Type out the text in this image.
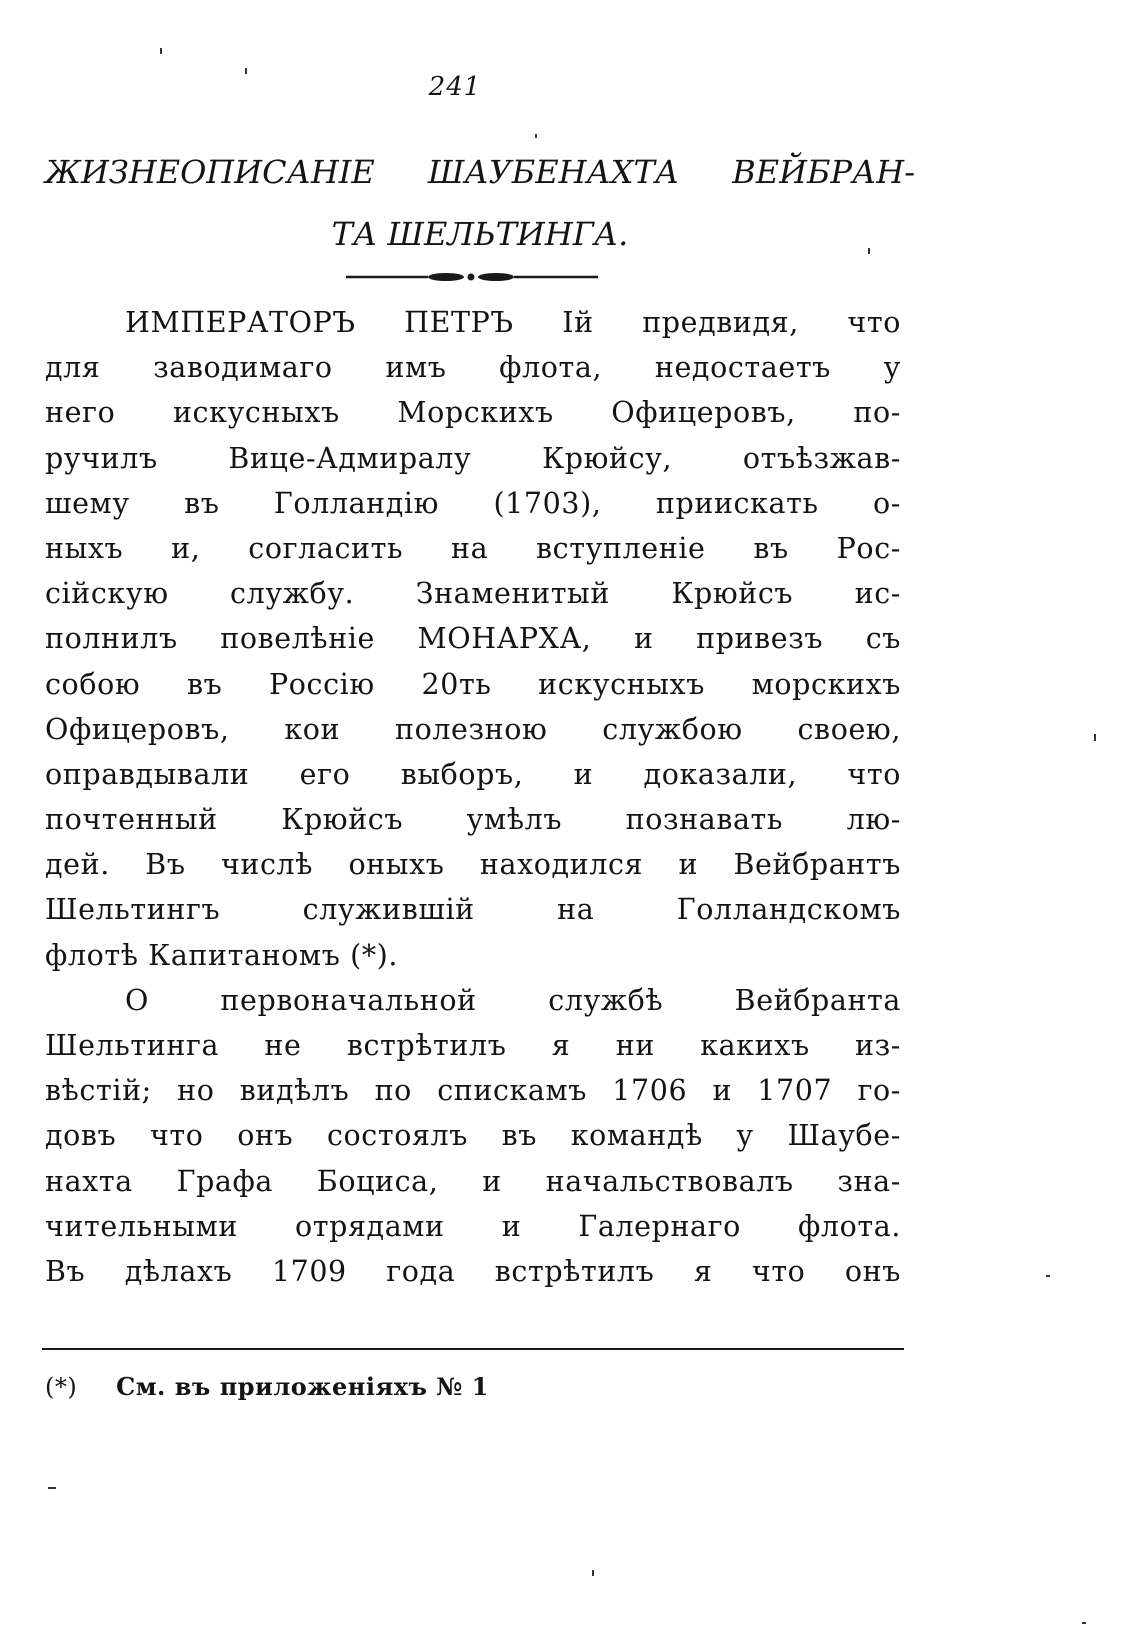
241
ЖИЗНЕОПИСАНIЕ ШАУБЕНАХТА ВЕЙБРАН-
ТА ШЕЛЬТИНГА.
ИМПЕРАТОРЪ ПЕТРЪ Iй предвидя, что
для заводимаго имъ флота, недостаетъ у
него искусныхъ Морскихъ Офицеровъ, по-
ручилъ Вице-Адмиралу Крюйсу, отъѣзжав-
шему въ Голландiю (1703), приискать о-
ныхъ и, согласить на вступленiе въ Рос-
сiйскую службу. Знаменитый Крюйсъ ис-
полнилъ повелѣнiе МОНАРХА, и привезъ съ
собою въ Россiю 20ть искусныхъ морскихъ
Офицеровъ, кои полезною службою своею,
оправдывали его выборъ, и доказали, что
почтенный Крюйсъ умѣлъ познавать лю-
дей. Въ числѣ оныхъ находился и Вейбрантъ
Шельтингъ служившiй на Голландскомъ
флотѣ Капитаномъ (*).
О первоначальной службѣ Вейбранта
Шельтинга не встрѣтилъ я ни какихъ из-
вѣстiй; но видѣлъ по спискамъ 1706 и 1707 го-
довъ что онъ состоялъ въ командѣ у Шаубе-
нахта Графа Боциса, и начальствовалъ зна-
чительными отрядами и Галернаго флота.
Въ дѣлахъ 1709 года встрѣтилъ я что онъ
(*) См. въ приложенiяхъ № 1
